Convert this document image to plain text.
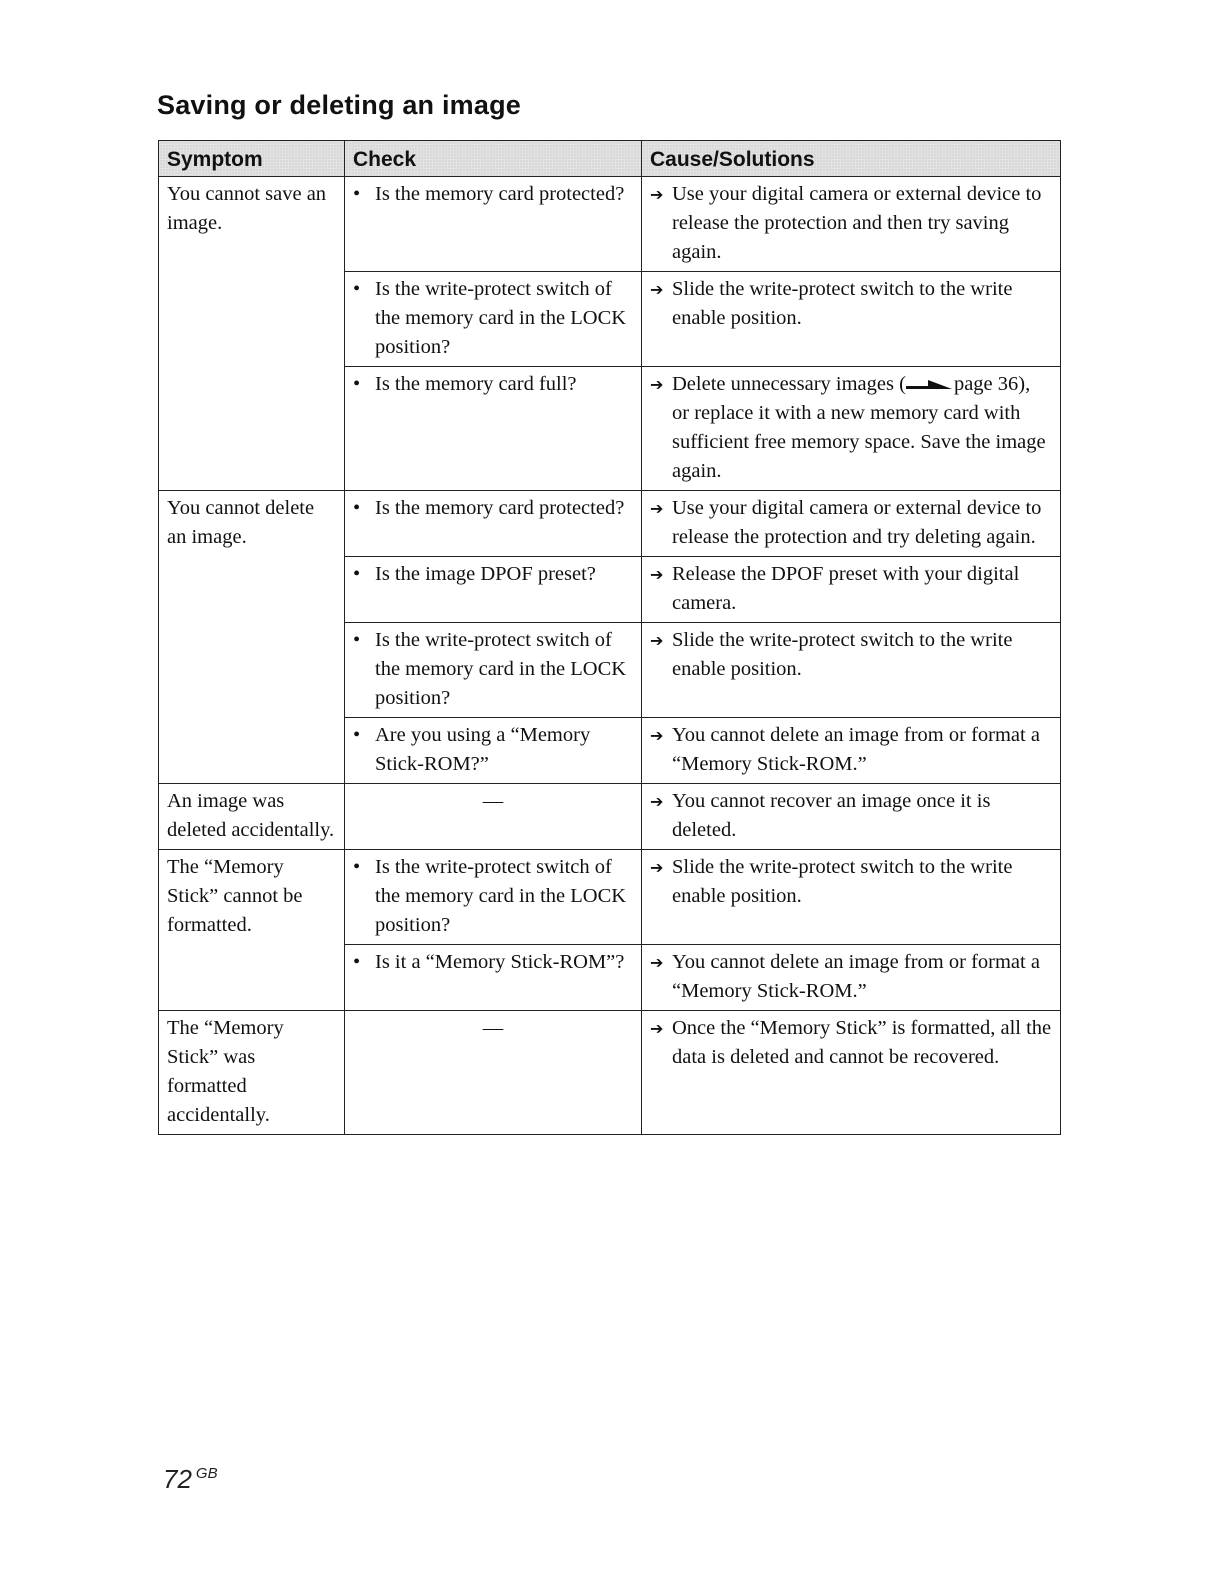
Saving or deleting an image
Symptom	Check	Cause/Solutions
You cannot save an image.	• Is the memory card protected?	➔ Use your digital camera or external device to release the protection and then try saving again.

	• Is the write-protect switch of the memory card in the LOCK position?	➔ Slide the write-protect switch to the write enable position.

	• Is the memory card full?	➔ Delete unnecessary images ( page 36), or replace it with a new memory card with sufficient free memory space. Save the image again.

You cannot delete an image.	• Is the memory card protected?	➔ Use your digital camera or external device to release the protection and try deleting again.

	• Is the image DPOF preset?	➔ Release the DPOF preset with your digital camera.

	• Is the write-protect switch of the memory card in the LOCK position?	➔ Slide the write-protect switch to the write enable position.

	• Are you using a “Memory Stick-ROM?”	➔ You cannot delete an image from or format a “Memory Stick-ROM.”

An image was deleted accidentally.	—	➔ You cannot recover an image once it is deleted.

The “Memory Stick” cannot be formatted.	• Is the write-protect switch of the memory card in the LOCK position?	➔ Slide the write-protect switch to the write enable position.

	• Is it a “Memory Stick-ROM”?	➔ You cannot delete an image from or format a “Memory Stick-ROM.”

The “Memory Stick” was formatted accidentally.	—	➔ Once the “Memory Stick” is formatted, all the data is deleted and cannot be recovered.
72 $^{GB}$
